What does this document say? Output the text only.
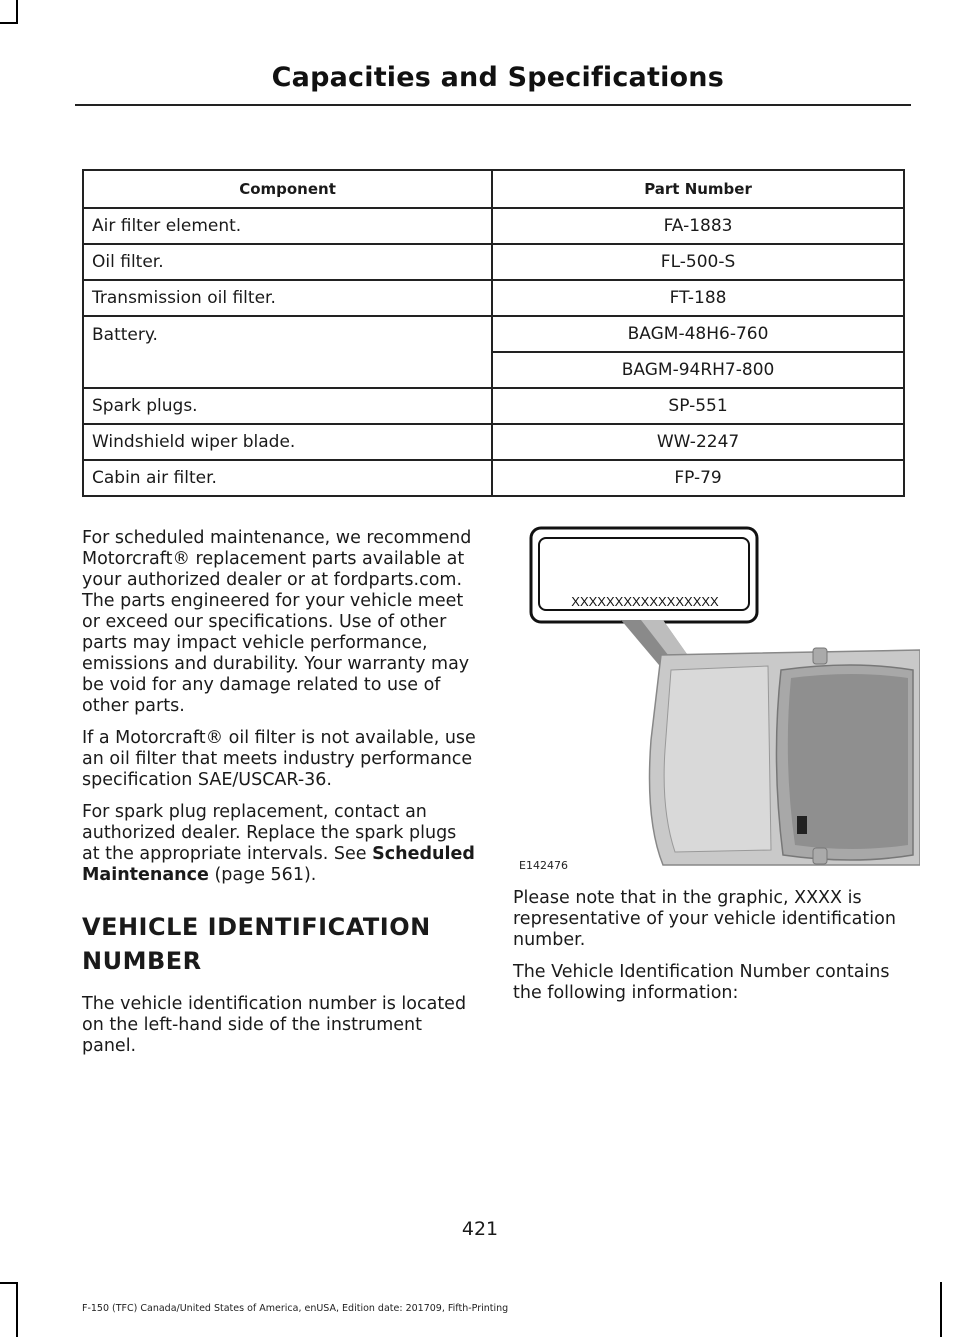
Capacities and Specifications
Component	Part Number
Air filter element.	FA-1883
Oil filter.	FL-500-S
Transmission oil filter.	FT-188
Battery.	BAGM-48H6-760
	BAGM-94RH7-800
Spark plugs.	SP-551
Windshield wiper blade.	WW-2247
Cabin air filter.	FP-79

For scheduled maintenance, we recommend Motorcraft® replacement parts available at your authorized dealer or at fordparts.com. The parts engineered for your vehicle meet or exceed our specifications. Use of other parts may impact vehicle performance, emissions and durability. Your warranty may be void for any damage related to use of other parts.

If a Motorcraft® oil filter is not available, use an oil filter that meets industry performance specification SAE/USCAR-36.

For spark plug replacement, contact an authorized dealer. Replace the spark plugs at the appropriate intervals. See Scheduled Maintenance (page 561).

VEHICLE IDENTIFICATION
NUMBER

The vehicle identification number is located on the left-hand side of the instrument panel.

XXXXXXXXXXXXXXXXX
E142476

Please note that in the graphic, XXXX is representative of your vehicle identification number.

The Vehicle Identification Number contains the following information:

421
F-150 (TFC) Canada/United States of America, enUSA, Edition date: 201709, Fifth-Printing
